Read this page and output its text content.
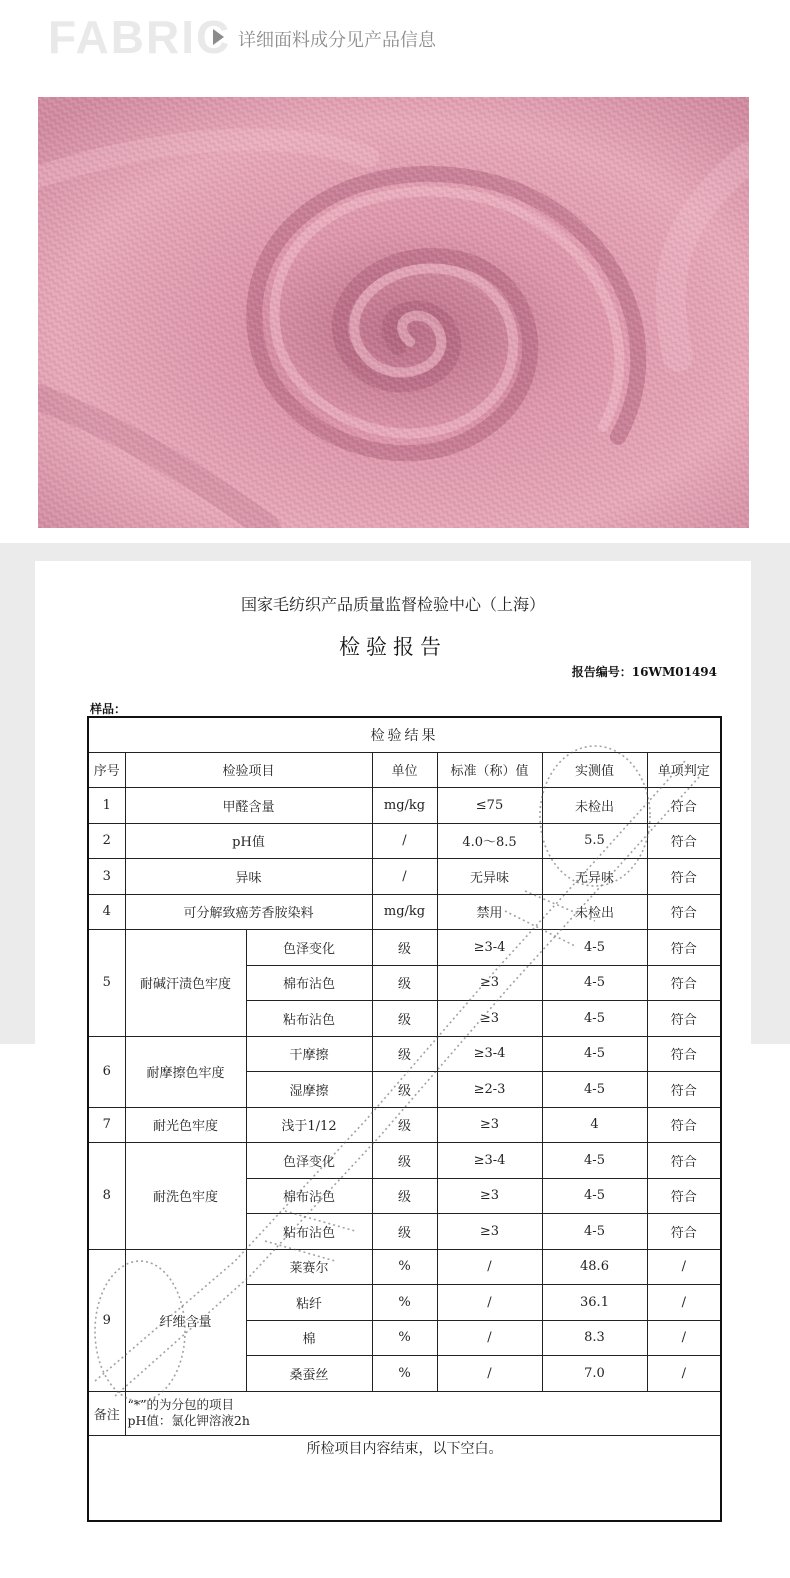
FABRIC 详细面料成分见产品信息
国家毛纺织产品质量监督检验中心（上海）
检验报告
报告编号：16WM01494
样品：
检验结果						
序号	检验项目		单位	标准（称）值	实测值	单项判定
1	甲醛含量		mg/kg	≤75	未检出	符合
2	pH值		/	4.0～8.5	5.5	符合
3	异味		/	无异味	无异味	符合
4	可分解致癌芳香胺染料		mg/kg	禁用	未检出	符合
5	耐碱汗渍色牢度	色泽变化	级	≥3-4	4-5	符合
		棉布沾色	级	≥3	4-5	符合
		粘布沾色	级	≥3	4-5	符合
6	耐摩擦色牢度	干摩擦	级	≥3-4	4-5	符合
		湿摩擦	级	≥2-3	4-5	符合
7	耐光色牢度	浅于1/12	级	≥3	4	符合
8	耐洗色牢度	色泽变化	级	≥3-4	4-5	符合
		棉布沾色	级	≥3	4-5	符合
		粘布沾色	级	≥3	4-5	符合
9	纤维含量	莱赛尔	%	/	48.6	/
		粘纤	%	/	36.1	/
		棉	%	/	8.3	/
		桑蚕丝	%	/	7.0	/
备注	“*”的为分包的项目
pH值：氯化钾溶液2h					

所检项目内容结束，以下空白。						
